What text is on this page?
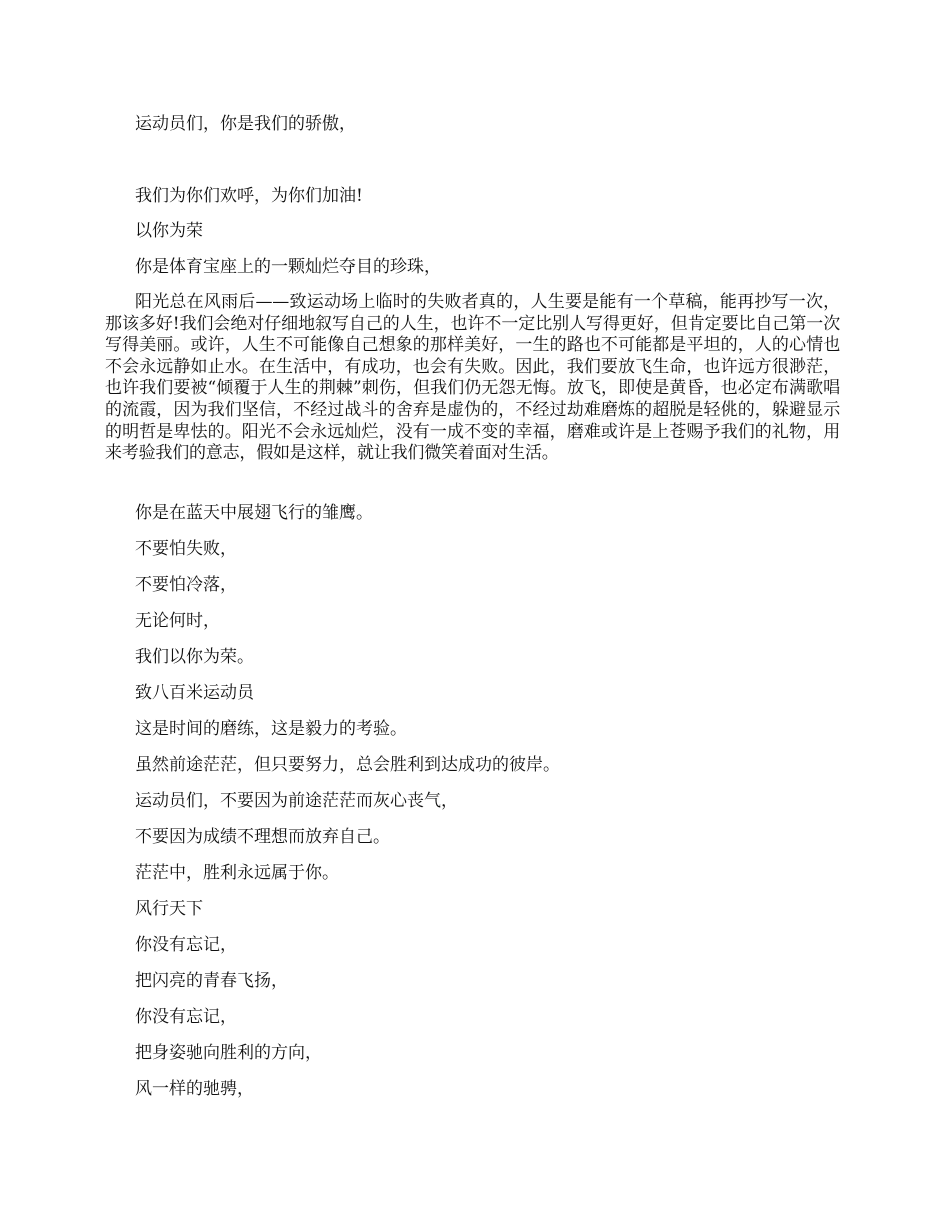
运动员们，你是我们的骄傲，

我们为你们欢呼，为你们加油!

以你为荣

你是体育宝座上的一颗灿烂夺目的珍珠，

阳光总在风雨后——致运动场上临时的失败者真的，人生要是能有一个草稿，能再抄写一次，那该多好!我们会绝对仔细地叙写自己的人生，也许不一定比别人写得更好，但肯定要比自己第一次写得美丽。或许，人生不可能像自己想象的那样美好，一生的路也不可能都是平坦的，人的心情也不会永远静如止水。在生活中，有成功，也会有失败。因此，我们要放飞生命，也许远方很渺茫，也许我们要被“倾覆于人生的荆棘”刺伤，但我们仍无怨无悔。放飞，即使是黄昏，也必定布满歌唱的流霞，因为我们坚信，不经过战斗的舍弃是虚伪的，不经过劫难磨炼的超脱是轻佻的，躲避显示的明哲是卑怯的。阳光不会永远灿烂，没有一成不变的幸福，磨难或许是上苍赐予我们的礼物，用来考验我们的意志，假如是这样，就让我们微笑着面对生活。

你是在蓝天中展翅飞行的雏鹰。

不要怕失败，

不要怕冷落，

无论何时，

我们以你为荣。

致八百米运动员

这是时间的磨练，这是毅力的考验。

虽然前途茫茫，但只要努力，总会胜利到达成功的彼岸。

运动员们，不要因为前途茫茫而灰心丧气，

不要因为成绩不理想而放弃自己。

茫茫中，胜利永远属于你。

风行天下

你没有忘记，

把闪亮的青春飞扬，

你没有忘记，

把身姿驰向胜利的方向，

风一样的驰骋，
